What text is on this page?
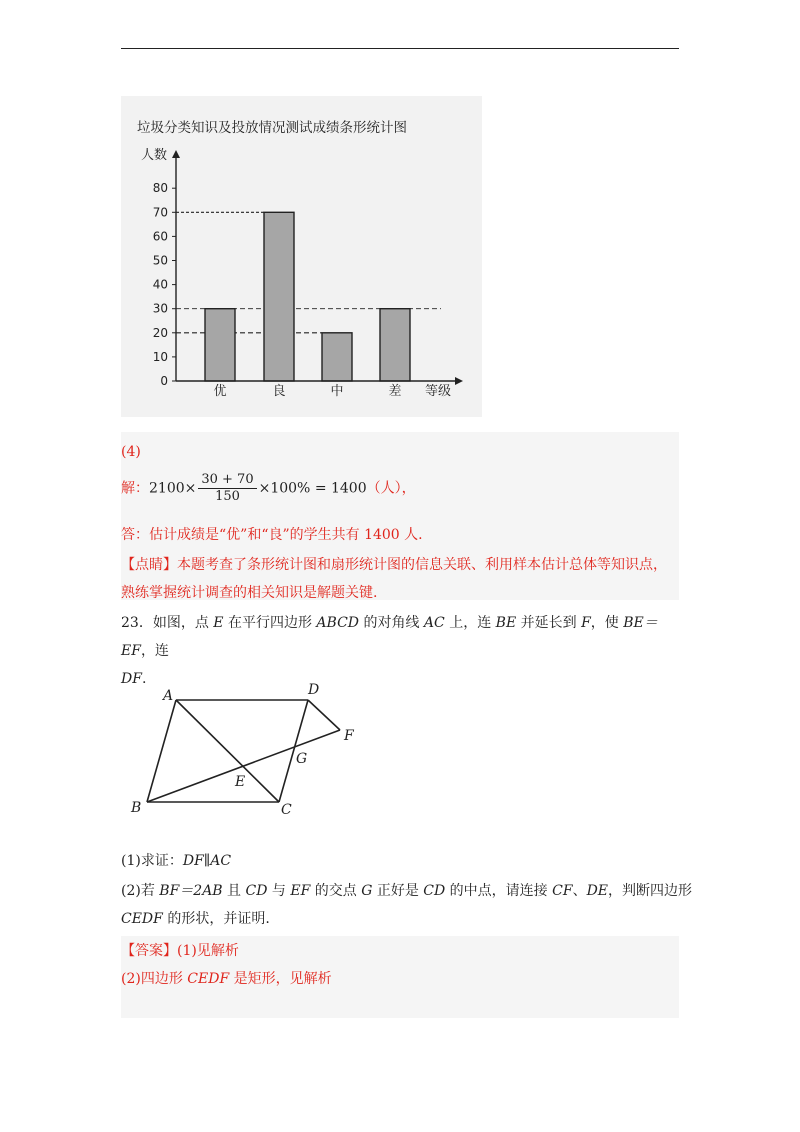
垃圾分类知识及投放情况测试成绩条形统计图
人数
等级
优	良	中	差
0
10
20
30
40
50
60
70
80
(4)
解：$2100\times \frac{30 + 70}{150} \times 100\% = 1400$（人），
答：估计成绩是“优”和“良”的学生共有 1400 人.
【点睛】本题考查了条形统计图和扇形统计图的信息关联、利用样本估计总体等知识点，
熟练掌握统计调查的相关知识是解题关键.
23．如图，点 E 在平行四边形 ABCD 的对角线 AC 上，连 BE 并延长到 F，使 BE＝EF，连
DF.
A
B	C
D
E
F
G
(1)求证：DF∥AC
(2)若 BF＝2AB 且 CD 与 EF 的交点 G 正好是 CD 的中点，请连接 CF、DE，判断四边形
CEDF 的形状，并证明.
【答案】(1)见解析
(2)四边形 CEDF 是矩形，见解析
